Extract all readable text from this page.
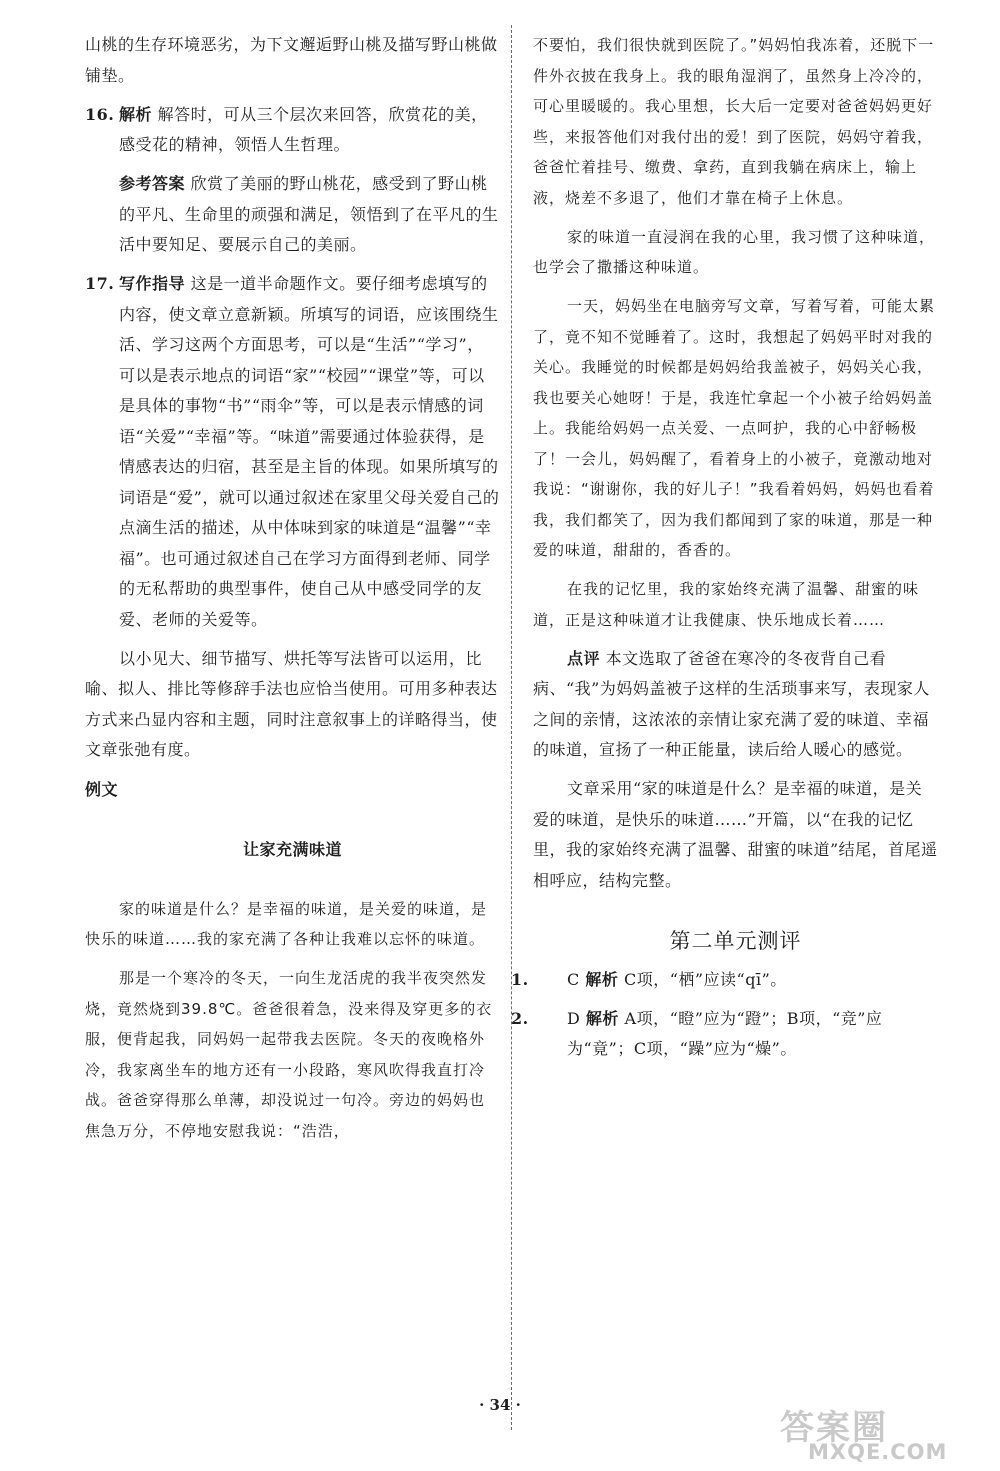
山桃的生存环境恶劣，为下文邂逅野山桃及描写野山桃做铺垫。

16. 解析 解答时，可从三个层次来回答，欣赏花的美，感受花的精神，领悟人生哲理。

参考答案 欣赏了美丽的野山桃花，感受到了野山桃的平凡、生命里的顽强和满足，领悟到了在平凡的生活中要知足、要展示自己的美丽。

17. 写作指导 这是一道半命题作文。要仔细考虑填写的内容，使文章立意新颖。所填写的词语，应该围绕生活、学习这两个方面思考，可以是“生活”“学习”，可以是表示地点的词语“家”“校园”“课堂”等，可以是具体的事物“书”“雨伞”等，可以是表示情感的词语“关爱”“幸福”等。“味道”需要通过体验获得，是情感表达的归宿，甚至是主旨的体现。如果所填写的词语是“爱”，就可以通过叙述在家里父母关爱自己的点滴生活的描述，从中体味到家的味道是“温馨”“幸福”。也可通过叙述自己在学习方面得到老师、同学的无私帮助的典型事件，使自己从中感受同学的友爱、老师的关爱等。

以小见大、细节描写、烘托等写法皆可以运用，比喻、拟人、排比等修辞手法也应恰当使用。可用多种表达方式来凸显内容和主题，同时注意叙事上的详略得当，使文章张弛有度。

例文

让家充满味道

家的味道是什么？是幸福的味道，是关爱的味道，是快乐的味道……我的家充满了各种让我难以忘怀的味道。

那是一个寒冷的冬天，一向生龙活虎的我半夜突然发烧，竟然烧到39.8℃。爸爸很着急，没来得及穿更多的衣服，便背起我，同妈妈一起带我去医院。冬天的夜晚格外冷，我家离坐车的地方还有一小段路，寒风吹得我直打冷战。爸爸穿得那么单薄，却没说过一句冷。旁边的妈妈也焦急万分，不停地安慰我说：“浩浩，

不要怕，我们很快就到医院了。”妈妈怕我冻着，还脱下一件外衣披在我身上。我的眼角湿润了，虽然身上冷冷的，可心里暖暖的。我心里想，长大后一定要对爸爸妈妈更好些，来报答他们对我付出的爱！到了医院，妈妈守着我，爸爸忙着挂号、缴费、拿药，直到我躺在病床上，输上液，烧差不多退了，他们才靠在椅子上休息。

家的味道一直浸润在我的心里，我习惯了这种味道，也学会了撒播这种味道。

一天，妈妈坐在电脑旁写文章，写着写着，可能太累了，竟不知不觉睡着了。这时，我想起了妈妈平时对我的关心。我睡觉的时候都是妈妈给我盖被子，妈妈关心我，我也要关心她呀！于是，我连忙拿起一个小被子给妈妈盖上。我能给妈妈一点关爱、一点呵护，我的心中舒畅极了！一会儿，妈妈醒了，看着身上的小被子，竟激动地对我说：“谢谢你，我的好儿子！”我看着妈妈，妈妈也看着我，我们都笑了，因为我们都闻到了家的味道，那是一种爱的味道，甜甜的，香香的。

在我的记忆里，我的家始终充满了温馨、甜蜜的味道，正是这种味道才让我健康、快乐地成长着……

点评 本文选取了爸爸在寒冷的冬夜背自己看病、“我”为妈妈盖被子这样的生活琐事来写，表现家人之间的亲情，这浓浓的亲情让家充满了爱的味道、幸福的味道，宣扬了一种正能量，读后给人暖心的感觉。

文章采用“家的味道是什么？是幸福的味道，是关爱的味道，是快乐的味道……”开篇，以“在我的记忆里，我的家始终充满了温馨、甜蜜的味道”结尾，首尾遥相呼应，结构完整。

第二单元测评

1. C 解析 C项，“栖”应读“qī”。

2. D 解析 A项，“瞪”应为“蹬”；B项，“竞”应为“竟”；C项，“躁”应为“燥”。

· 34 ·
答案圈
MXQE.COM
